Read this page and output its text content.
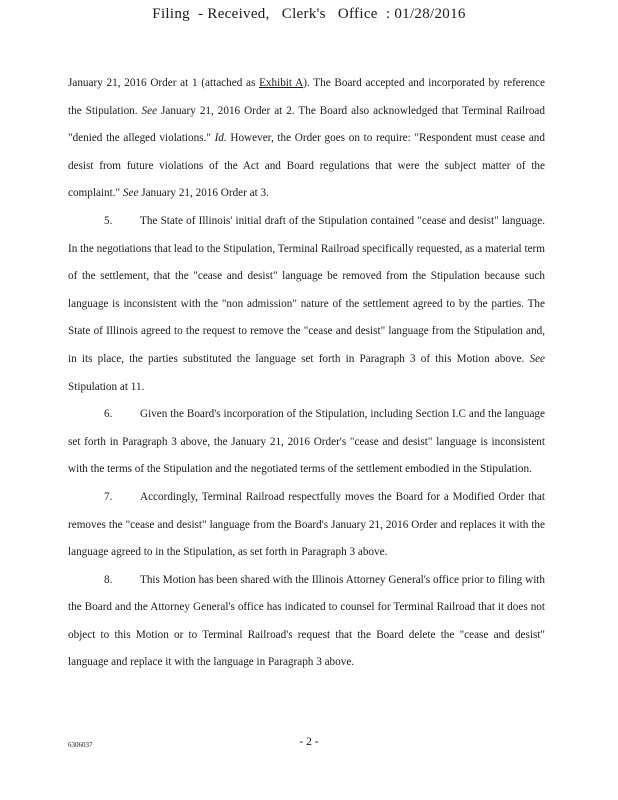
Filing  - Received,   Clerk's   Office  : 01/28/2016

January 21, 2016 Order at 1 (attached as Exhibit A). The Board accepted and incorporated by reference the Stipulation. See January 21, 2016 Order at 2. The Board also acknowledged that Terminal Railroad "denied the alleged violations." Id. However, the Order goes on to require: "Respondent must cease and desist from future violations of the Act and Board regulations that were the subject matter of the complaint." See January 21, 2016 Order at 3.

5. The State of Illinois' initial draft of the Stipulation contained "cease and desist" language. In the negotiations that lead to the Stipulation, Terminal Railroad specifically requested, as a material term of the settlement, that the "cease and desist" language be removed from the Stipulation because such language is inconsistent with the "non admission" nature of the settlement agreed to by the parties. The State of Illinois agreed to the request to remove the "cease and desist" language from the Stipulation and, in its place, the parties substituted the language set forth in Paragraph 3 of this Motion above. See Stipulation at 11.

6. Given the Board's incorporation of the Stipulation, including Section I.C and the language set forth in Paragraph 3 above, the January 21, 2016 Order's "cease and desist" language is inconsistent with the terms of the Stipulation and the negotiated terms of the settlement embodied in the Stipulation.

7. Accordingly, Terminal Railroad respectfully moves the Board for a Modified Order that removes the "cease and desist" language from the Board's January 21, 2016 Order and replaces it with the language agreed to in the Stipulation, as set forth in Paragraph 3 above.

8. This Motion has been shared with the Illinois Attorney General's office prior to filing with the Board and the Attorney General's office has indicated to counsel for Terminal Railroad that it does not object to this Motion or to Terminal Railroad's request that the Board delete the "cease and desist" language and replace it with the language in Paragraph 3 above.

6306037	- 2 -
